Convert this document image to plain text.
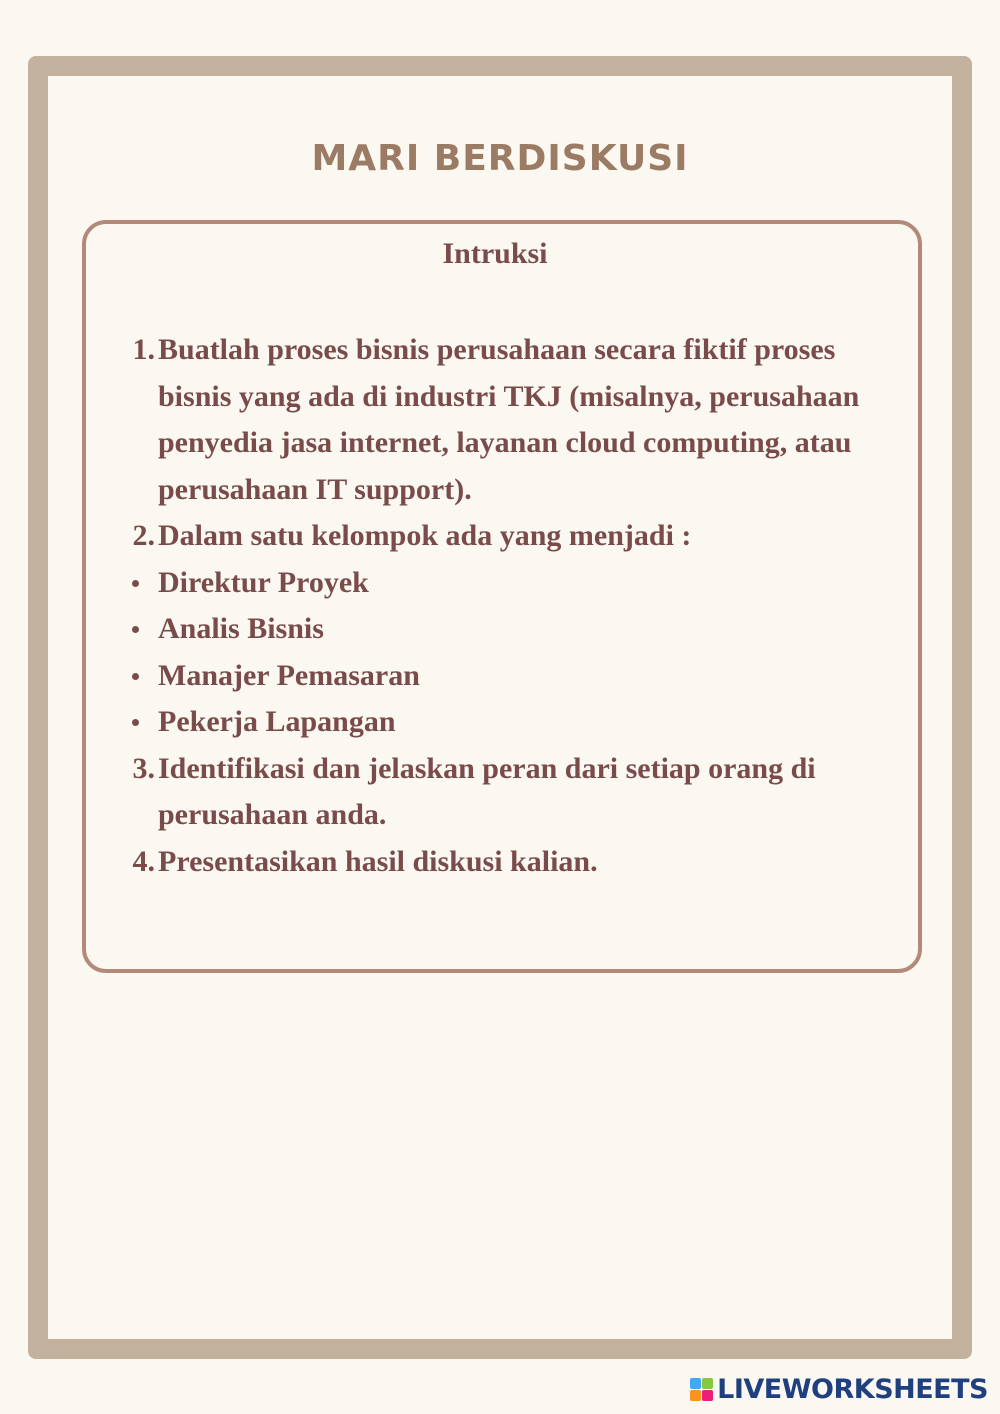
MARI BERDISKUSI
Intruksi
1. Buatlah proses bisnis perusahaan secara fiktif proses bisnis yang ada di industri TKJ (misalnya, perusahaan penyedia jasa internet, layanan cloud computing, atau perusahaan IT support).
2. Dalam satu kelompok ada yang menjadi :
Direktur Proyek
Analis Bisnis
Manajer Pemasaran
Pekerja Lapangan
3. Identifikasi dan jelaskan peran dari setiap orang di perusahaan anda.
4. Presentasikan hasil diskusi kalian.
LIVEWORKSHEETS
